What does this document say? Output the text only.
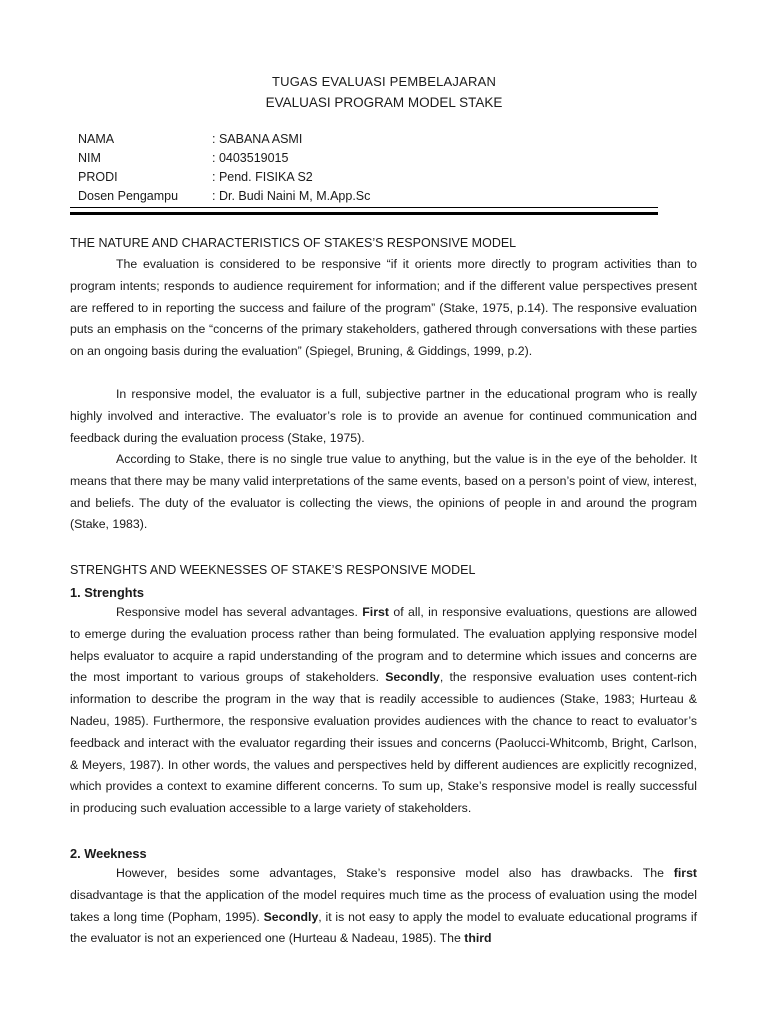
TUGAS EVALUASI PEMBELAJARAN
EVALUASI PROGRAM MODEL STAKE
NAMA	: SABANA ASMI
NIM	: 0403519015
PRODI	: Pend. FISIKA S2
Dosen Pengampu	: Dr. Budi Naini M, M.App.Sc
THE NATURE AND CHARACTERISTICS OF STAKES’S RESPONSIVE MODEL

The evaluation is considered to be responsive “if it orients more directly to program activities than to program intents; responds to audience requirement for information; and if the different value perspectives present are reffered to in reporting the success and failure of the program” (Stake, 1975, p.14). The responsive evaluation puts an emphasis on the “concerns of the primary stakeholders, gathered through conversations with these parties on an ongoing basis during the evaluation” (Spiegel, Bruning, & Giddings, 1999, p.2).

In responsive model, the evaluator is a full, subjective partner in the educational program who is really highly involved and interactive. The evaluator’s role is to provide an avenue for continued communication and feedback during the evaluation process (Stake, 1975).

According to Stake, there is no single true value to anything, but the value is in the eye of the beholder. It means that there may be many valid interpretations of the same events, based on a person’s point of view, interest, and beliefs. The duty of the evaluator is collecting the views, the opinions of people in and around the program (Stake, 1983).

STRENGHTS AND WEEKNESSES OF STAKE’S RESPONSIVE MODEL
1. Strenghts

Responsive model has several advantages. First of all, in responsive evaluations, questions are allowed to emerge during the evaluation process rather than being formulated. The evaluation applying responsive model helps evaluator to acquire a rapid understanding of the program and to determine which issues and concerns are the most important to various groups of stakeholders. Secondly, the responsive evaluation uses content-rich information to describe the program in the way that is readily accessible to audiences (Stake, 1983; Hurteau & Nadeu, 1985). Furthermore, the responsive evaluation provides audiences with the chance to react to evaluator’s feedback and interact with the evaluator regarding their issues and concerns (Paolucci-Whitcomb, Bright, Carlson, & Meyers, 1987). In other words, the values and perspectives held by different audiences are explicitly recognized, which provides a context to examine different concerns. To sum up, Stake’s responsive model is really successful in producing such evaluation accessible to a large variety of stakeholders.

2. Weekness

However, besides some advantages, Stake’s responsive model also has drawbacks. The first disadvantage is that the application of the model requires much time as the process of evaluation using the model takes a long time (Popham, 1995). Secondly, it is not easy to apply the model to evaluate educational programs if the evaluator is not an experienced one (Hurteau & Nadeau, 1985). The third
